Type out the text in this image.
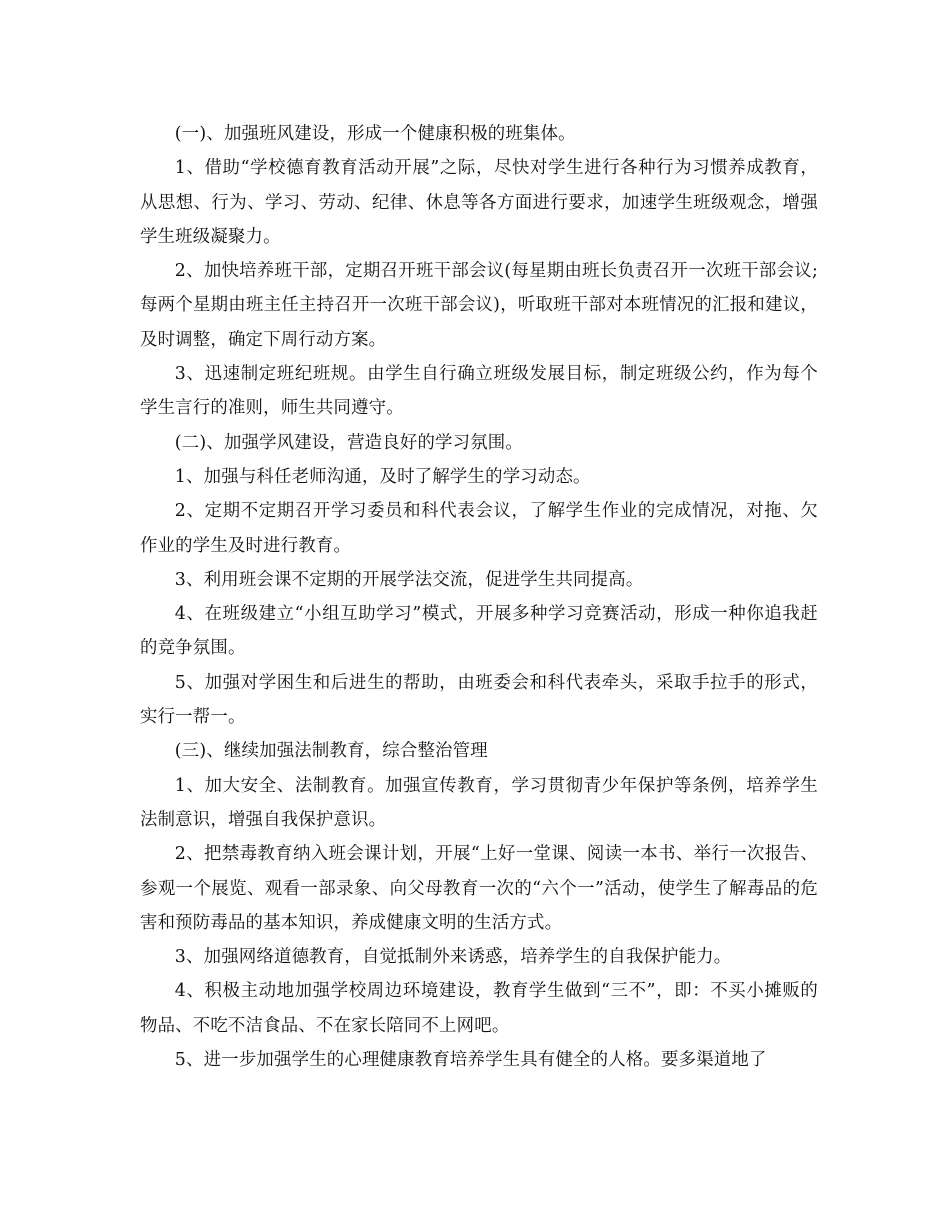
(一)、加强班风建设，形成一个健康积极的班集体。

1、借助“学校德育教育活动开展”之际，尽快对学生进行各种行为习惯养成教育，从思想、行为、学习、劳动、纪律、休息等各方面进行要求，加速学生班级观念，增强学生班级凝聚力。

2、加快培养班干部，定期召开班干部会议(每星期由班长负责召开一次班干部会议;每两个星期由班主任主持召开一次班干部会议)，听取班干部对本班情况的汇报和建议，及时调整，确定下周行动方案。

3、迅速制定班纪班规。由学生自行确立班级发展目标，制定班级公约，作为每个学生言行的准则，师生共同遵守。

(二)、加强学风建设，营造良好的学习氛围。

1、加强与科任老师沟通，及时了解学生的学习动态。

2、定期不定期召开学习委员和科代表会议，了解学生作业的完成情况，对拖、欠作业的学生及时进行教育。

3、利用班会课不定期的开展学法交流，促进学生共同提高。

4、在班级建立“小组互助学习”模式，开展多种学习竞赛活动，形成一种你追我赶的竞争氛围。

5、加强对学困生和后进生的帮助，由班委会和科代表牵头，采取手拉手的形式，实行一帮一。

(三)、继续加强法制教育，综合整治管理

1、加大安全、法制教育。加强宣传教育，学习贯彻青少年保护等条例，培养学生法制意识，增强自我保护意识。

2、把禁毒教育纳入班会课计划，开展“上好一堂课、阅读一本书、举行一次报告、参观一个展览、观看一部录象、向父母教育一次的“六个一”活动，使学生了解毒品的危害和预防毒品的基本知识，养成健康文明的生活方式。

3、加强网络道德教育，自觉抵制外来诱惑，培养学生的自我保护能力。

4、积极主动地加强学校周边环境建设，教育学生做到“三不”，即：不买小摊贩的物品、不吃不洁食品、不在家长陪同不上网吧。

5、进一步加强学生的心理健康教育培养学生具有健全的人格。要多渠道地了
